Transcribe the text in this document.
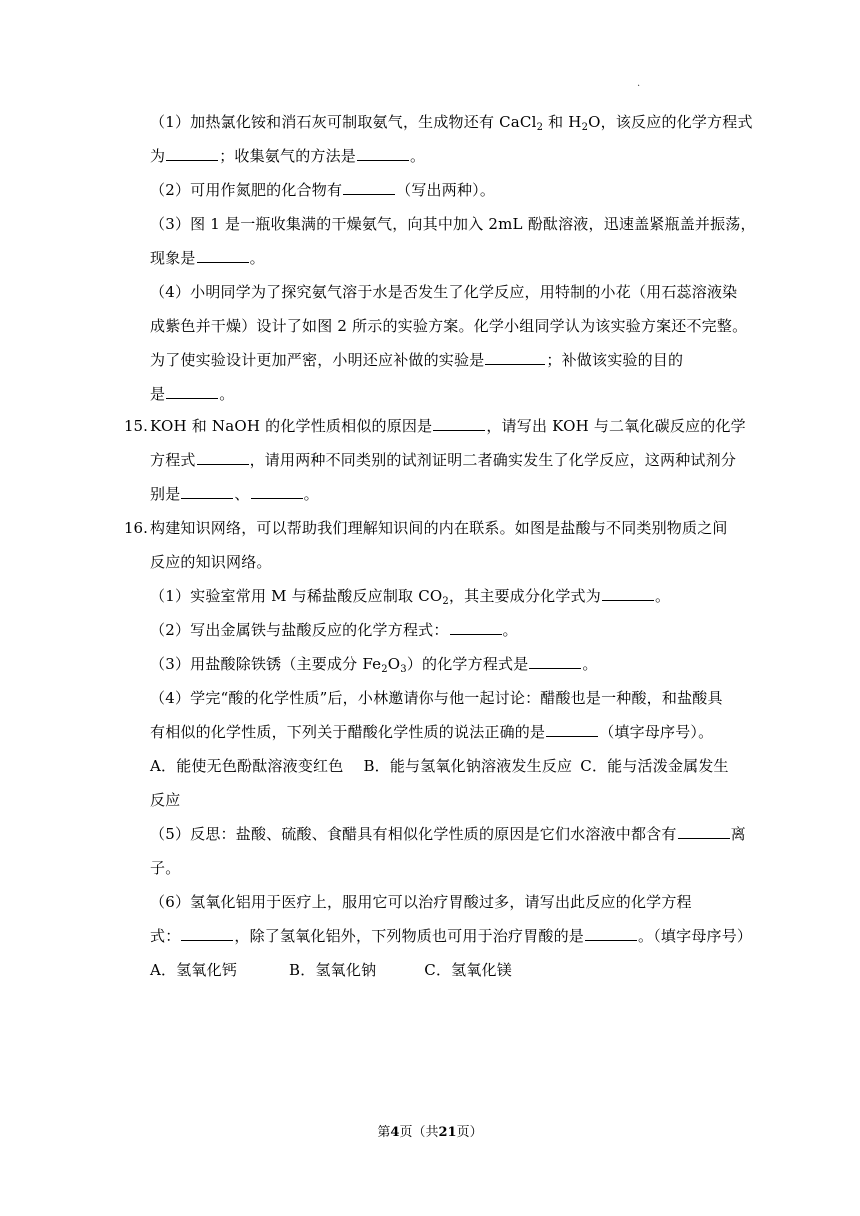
.
（1）加热氯化铵和消石灰可制取氨气，生成物还有 CaCl$_2$ 和 $H_2O$，该反应的化学方程式
为	；收集氨气的方法是	。
（2）可用作氮肥的化合物有	（写出两种）。
（3）图 1 是一瓶收集满的干燥氨气，向其中加入 2mL 酚酞溶液，迅速盖紧瓶盖并振荡，
现象是	。
（4）小明同学为了探究氨气溶于水是否发生了化学反应，用特制的小花（用石蕊溶液染
成紫色并干燥）设计了如图 2 所示的实验方案。化学小组同学认为该实验方案还不完整。
为了使实验设计更加严密，小明还应补做的实验是	；补做该实验的目的
是	。
15. KOH 和 NaOH 的化学性质相似的原因是	，请写出 KOH 与二氧化碳反应的化学
方程式	，请用两种不同类别的试剂证明二者确实发生了化学反应，这两种试剂分
别是	、	。
16. 构建知识网络，可以帮助我们理解知识间的内在联系。如图是盐酸与不同类别物质之间
反应的知识网络。
（1）实验室常用 M 与稀盐酸反应制取 $CO_2$，其主要成分化学式为	。
（2）写出金属铁与盐酸反应的化学方程式：	。
（3）用盐酸除铁锈（主要成分 $Fe_2O_3$）的化学方程式是	。
（4）学完“酸的化学性质”后，小林邀请你与他一起讨论：醋酸也是一种酸，和盐酸具
有相似的化学性质，下列关于醋酸化学性质的说法正确的是	（填字母序号）。
A．能使无色酚酞溶液变红色 B．能与氢氧化钠溶液发生反应 C．能与活泼金属发生
反应
（5）反思：盐酸、硫酸、食醋具有相似化学性质的原因是它们水溶液中都含有	离
子。
（6）氢氧化铝用于医疗上，服用它可以治疗胃酸过多，请写出此反应的化学方程
式：	，除了氢氧化铝外，下列物质也可用于治疗胃酸的是	。（填字母序号）
A．氢氧化钙	B．氢氧化钠	C．氢氧化镁
第4页（共21页）
